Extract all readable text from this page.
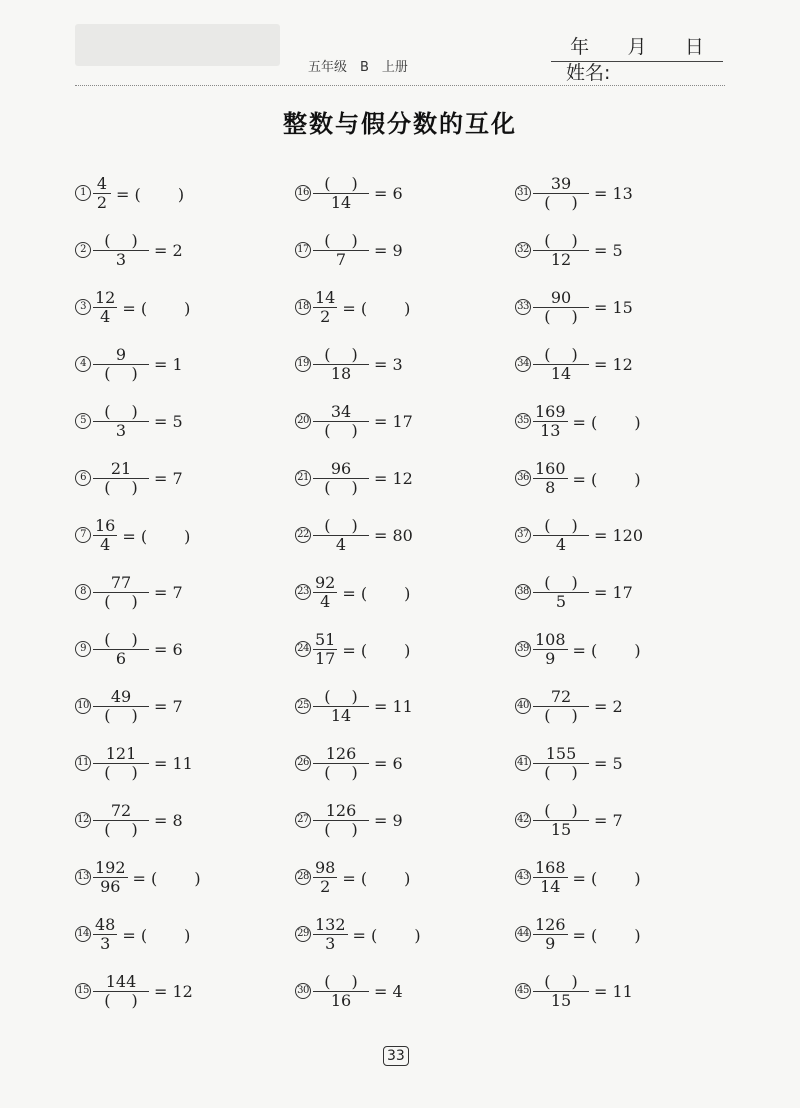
五年级　B　上册
年 月 日
姓名:
整数与假分数的互化
$1 \frac{4}{2}$ = (　　 )
$2 \frac{( )}{3} = 2$
$3 \frac{12}{4}$ = (　　 )
$4 \frac{9}{( )} = 1$
$5 \frac{( )}{3} = 5$
$6 \frac{21}{( )} = 7$
$7 \frac{16}{4}$ = (　　 )
$8 \frac{77}{( )} = 7$
$9 \frac{( )}{6} = 6$
$10 \frac{49}{( )} = 7$
$11 \frac{121}{( )} = 11$
$12 \frac{72}{( )} = 8$
$13 \frac{192}{96}$ = (　　 )
$14 \frac{48}{3}$ = (　　 )
$15 \frac{144}{( )} = 12$
$16 \frac{( )}{14} = 6$
$17 \frac{( )}{7} = 9$
$18 \frac{14}{2}$ = (　　 )
$19 \frac{( )}{18} = 3$
$20 \frac{34}{( )} = 17$
$21 \frac{96}{( )} = 12$
$22 \frac{( )}{4} = 80$
$23 \frac{92}{4}$ = (　　 )
$24 \frac{51}{17}$ = (　　 )
$25 \frac{( )}{14} = 11$
$26 \frac{126}{( )} = 6$
$27 \frac{126}{( )} = 9$
$28 \frac{98}{2}$ = (　　 )
$29 \frac{132}{3}$ = (　　 )
$30 \frac{( )}{16} = 4$
$31 \frac{39}{( )} = 13$
$32 \frac{( )}{12} = 5$
$33 \frac{90}{( )} = 15$
$34 \frac{( )}{14} = 12$
$35 \frac{169}{13}$ = (　　 )
$36 \frac{160}{8}$ = (　　 )
$37 \frac{( )}{4} = 120$
$38 \frac{( )}{5} = 17$
$39 \frac{108}{9}$ = (　　 )
$40 \frac{72}{( )} = 2$
$41 \frac{155}{( )} = 5$
$42 \frac{( )}{15} = 7$
$43 \frac{168}{14}$ = (　　 )
$44 \frac{126}{9}$ = (　　 )
$45 \frac{( )}{15} = 11$
33
